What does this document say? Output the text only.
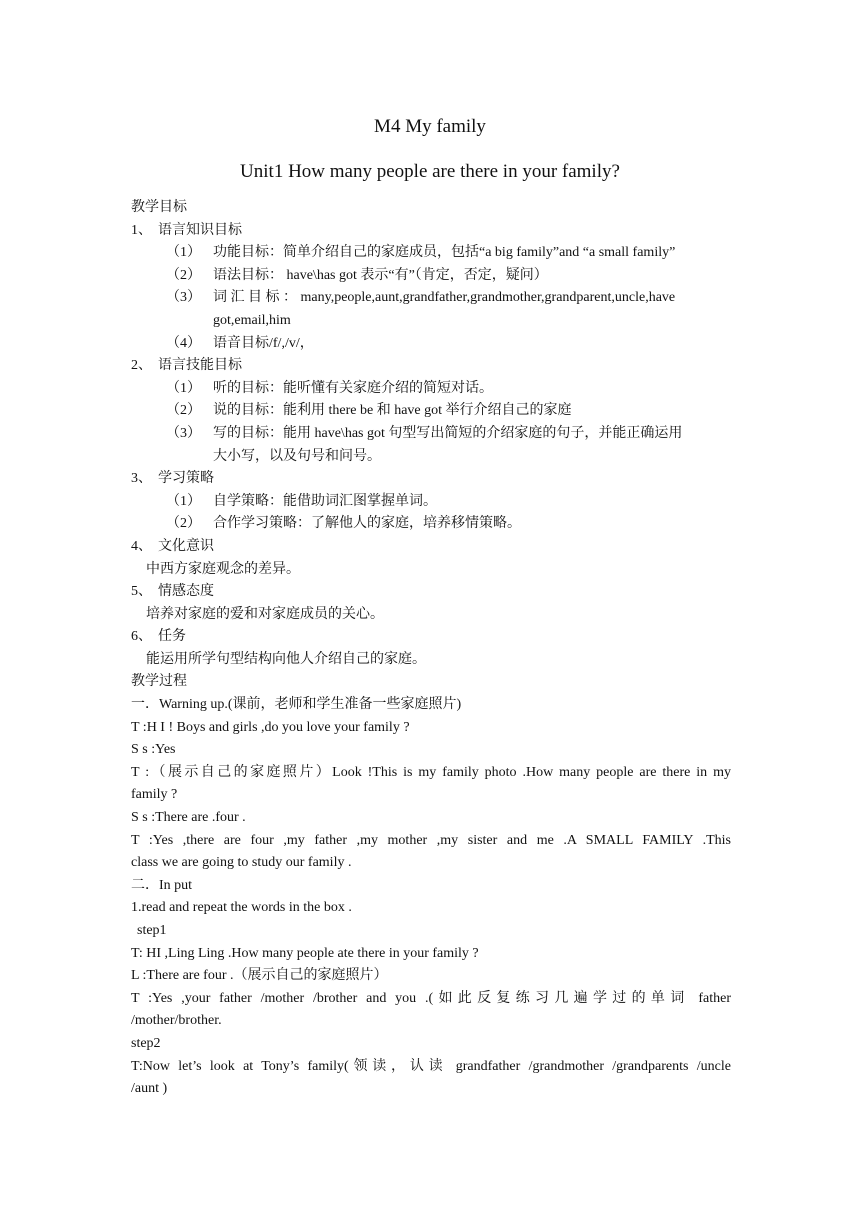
M4 My family
Unit1 How many people are there in your family?
教学目标
1、 语言知识目标
（1） 功能目标：简单介绍自己的家庭成员，包括“a big family”and “a small family”
（2） 语法目标： have\has got 表示“有”（肯定，否定，疑问）
（3） 词 汇 目 标 ： many,people,aunt,grandfather,grandmother,grandparent,uncle,have
got,email,him
（4） 语音目标/f/,/v/，
2、 语言技能目标
（1） 听的目标：能听懂有关家庭介绍的简短对话。
（2） 说的目标：能利用 there be 和 have got 举行介绍自己的家庭
（3） 写的目标：能用 have\has got 句型写出简短的介绍家庭的句子，并能正确运用
大小写，以及句号和问号。
3、 学习策略
（1） 自学策略：能借助词汇图掌握单词。
（2） 合作学习策略：了解他人的家庭，培养移情策略。
4、 文化意识
中西方家庭观念的差异。
5、 情感态度
培养对家庭的爱和对家庭成员的关心。
6、 任务
能运用所学句型结构向他人介绍自己的家庭。
教学过程
一．Warning up.(课前，老师和学生准备一些家庭照片)
T :H I ! Boys and girls ,do you love your family ?
S s :Yes
T :（展示自己的家庭照片）Look !This is my family photo .How many people are there in my
family ?
S s :There are .four .
T :Yes ,there are four ,my father ,my mother ,my sister and me .A SMALL FAMILY .This
class we are going to study our family .
二．In put
1.read and repeat the words in the box .
step1
T: HI ,Ling Ling .How many people ate there in your family ?
L :There are four .（展示自己的家庭照片）
T :Yes ,your father /mother /brother and you .(如此反复练习几遍学过的单词 father
/mother/brother.
step2
T:Now let’s look at Tony’s family(领读，认读 grandfather /grandmother /grandparents /uncle
/aunt )
